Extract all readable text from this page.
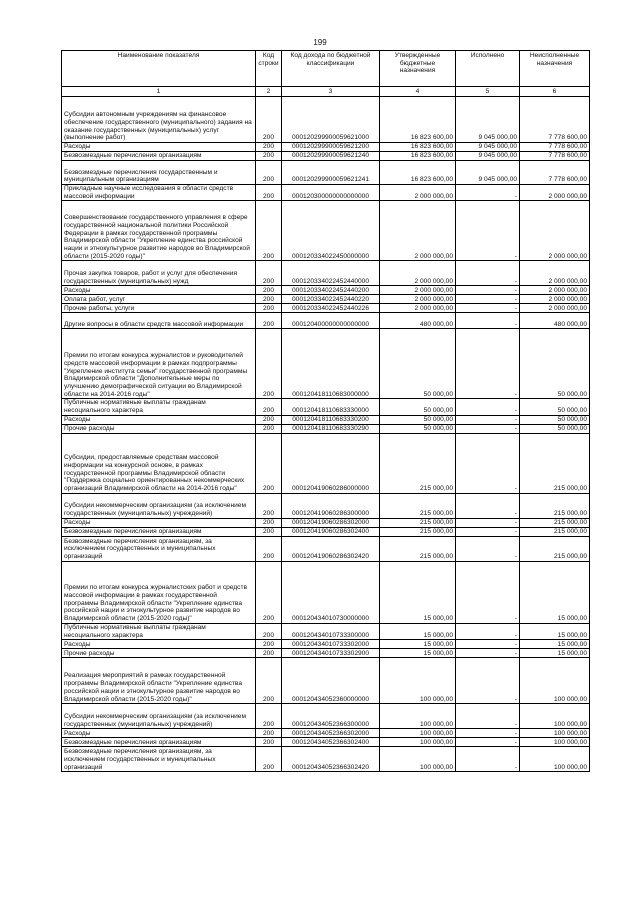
199
Наименование показателя	Код строки	Код дохода по бюджетной классификации	Утвержденные бюджетные назначения	Исполнено	Неисполненные назначения
1	2	3	4	5	6
Субсидии автономным учреждениям на финансовое обеспечение государственного (муниципального) задания на оказание государственных (муниципальных) услуг (выполнение работ)	200	000120299900059621000	16 823 600,00	9 045 000,00	7 778 600,00
Расходы	200	000120299900059621200	16 823 600,00	9 045 000,00	7 778 600,00
Безвозмездные перечисления организациям	200	000120299900059621240	16 823 600,00	9 045 000,00	7 778 600,00
Безвозмездные перечисления государственным и муниципальным организациям	200	000120299900059621241	16 823 600,00	9 045 000,00	7 778 600,00
Прикладные научные исследования в области средств массовой информации	200	000120300000000000000	2 000 000,00	-	2 000 000,00
Совершенствование государственного управления в сфере государственной национальной политики Российской Федерации в рамках государственной программы Владимирской области "Укрепление единства российской нации и этнокультурное развитие народов во Владимирской области (2015-2020 годы)"	200	000120334022450000000	2 000 000,00	-	2 000 000,00
Прочая закупка товаров, работ и услуг для обеспечения государственных (муниципальных) нужд	200	000120334022452440000	2 000 000,00	-	2 000 000,00
Расходы	200	000120334022452440200	2 000 000,00	-	2 000 000,00
Оплата работ, услуг	200	000120334022452440220	2 000 000,00	-	2 000 000,00
Прочие работы, услуги	200	000120334022452440226	2 000 000,00	-	2 000 000,00
Другие вопросы в области средств массовой информации	200	000120400000000000000	480 000,00	-	480 000,00
Премии по итогам конкурса журналистов и руководителей средств массовой информации в рамках подпрограммы "Укрепление института семьи" государственной программы Владимирской области "Дополнительные меры по улучшению демографической ситуации во Владимирской области на 2014-2016 годы"	200	000120418110683000000	50 000,00	-	50 000,00
Публичные нормативные выплаты гражданам несоциального характера	200	000120418110683330000	50 000,00	-	50 000,00
Расходы	200	000120418110683330200	50 000,00	-	50 000,00
Прочие расходы	200	000120418110683330290	50 000,00	-	50 000,00
Субсидии, предоставляемые средствам массовой информации на конкурсной основе, в рамках государственной программы Владимирской области "Поддержка социально ориентированных некоммерческих организаций Владимирской области на 2014-2016 годы"	200	000120419060286000000	215 000,00	-	215 000,00
Субсидии некоммерческим организациям (за исключением государственных (муниципальных) учреждений)	200	000120419060286300000	215 000,00	-	215 000,00
Расходы	200	000120419060286302000	215 000,00	-	215 000,00
Безвозмездные перечисления организациям	200	000120419060286302400	215 000,00	-	215 000,00
Безвозмездные перечисления организациям, за исключением государственных и муниципальных организаций	200	000120419060286302420	215 000,00	-	215 000,00
Премии по итогам конкурса журналистских работ и средств массовой информации в рамках государственной программы Владимирской области "Укрепление единства российской нации и этнокультурное развитие народов во Владимирской области (2015-2020 годы)"	200	000120434010730000000	15 000,00	-	15 000,00
Публичные нормативные выплаты гражданам несоциального характера	200	000120434010733300000	15 000,00	-	15 000,00
Расходы	200	000120434010733302000	15 000,00	-	15 000,00
Прочие расходы	200	000120434010733302900	15 000,00	-	15 000,00
Реализация мероприятий в рамках государственной программы Владимирской области "Укрепление единства российской нации и этнокультурное развитие народов во Владимирской области (2015-2020 годы)"	200	000120434052360000000	100 000,00	-	100 000,00
Субсидии некоммерческим организациям (за исключением государственных (муниципальных) учреждений)	200	000120434052366300000	100 000,00	-	100 000,00
Расходы	200	000120434052366302000	100 000,00	-	100 000,00
Безвозмездные перечисления организациям	200	000120434052366302400	100 000,00	-	100 000,00
Безвозмездные перечисления организациям, за исключением государственных и муниципальных организаций	200	000120434052366302420	100 000,00	-	100 000,00
